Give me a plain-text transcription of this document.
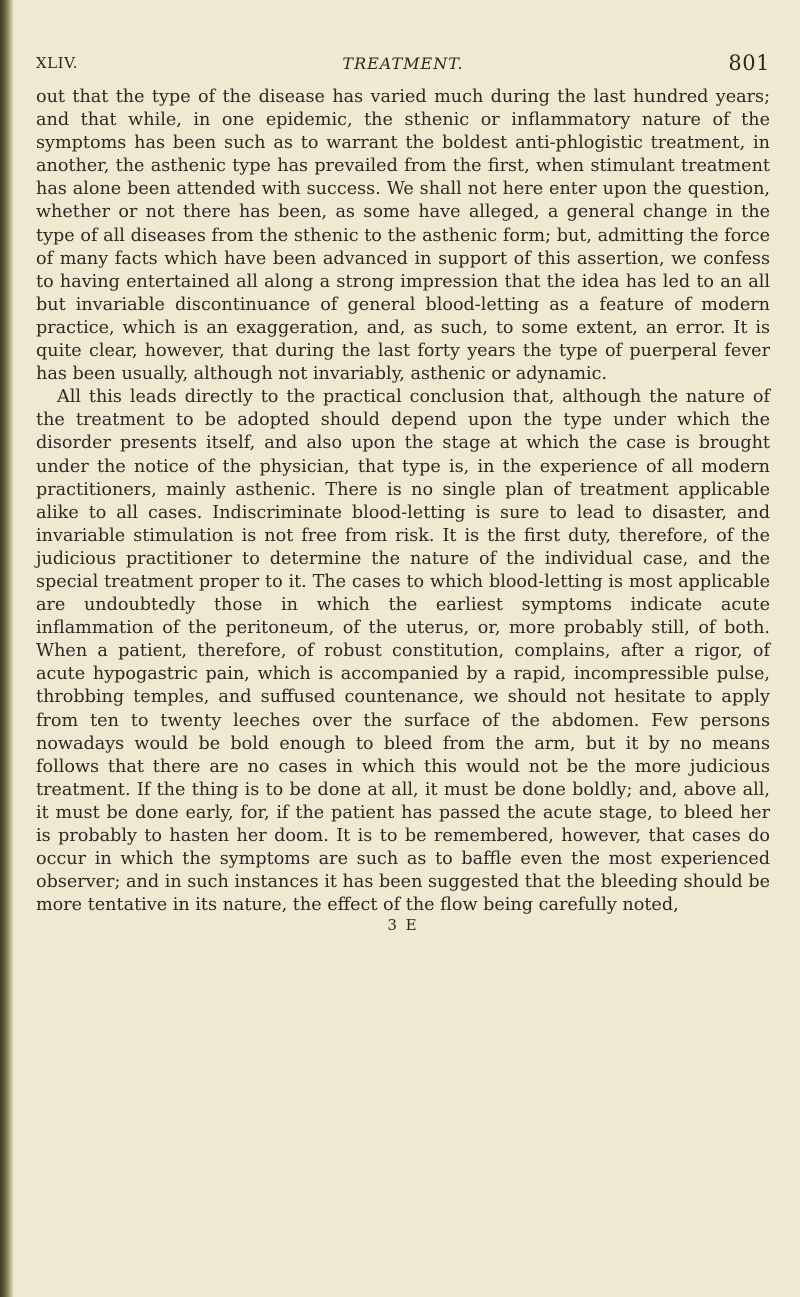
XLIV.	TREATMENT.	801

out that the type of the disease has varied much during the last hundred years; and that while, in one epidemic, the sthenic or inflammatory nature of the symptoms has been such as to warrant the boldest anti-phlogistic treatment, in another, the asthenic type has prevailed from the first, when stimulant treatment has alone been attended with success. We shall not here enter upon the question, whether or not there has been, as some have alleged, a general change in the type of all diseases from the sthenic to the asthenic form; but, admitting the force of many facts which have been advanced in support of this assertion, we confess to having entertained all along a strong impression that the idea has led to an all but invariable discontinuance of general blood-letting as a feature of modern practice, which is an exaggeration, and, as such, to some extent, an error. It is quite clear, however, that during the last forty years the type of puerperal fever has been usually, although not invariably, asthenic or adynamic.

All this leads directly to the practical conclusion that, although the nature of the treatment to be adopted should depend upon the type under which the disorder presents itself, and also upon the stage at which the case is brought under the notice of the physician, that type is, in the experience of all modern practitioners, mainly asthenic. There is no single plan of treatment applicable alike to all cases. Indiscriminate blood-letting is sure to lead to disaster, and invariable stimulation is not free from risk. It is the first duty, therefore, of the judicious practitioner to determine the nature of the individual case, and the special treatment proper to it. The cases to which blood-letting is most applicable are undoubtedly those in which the earliest symptoms indicate acute inflammation of the peritoneum, of the uterus, or, more probably still, of both. When a patient, therefore, of robust constitution, complains, after a rigor, of acute hypogastric pain, which is accompanied by a rapid, incompressible pulse, throbbing temples, and suffused countenance, we should not hesitate to apply from ten to twenty leeches over the surface of the abdomen. Few persons nowadays would be bold enough to bleed from the arm, but it by no means follows that there are no cases in which this would not be the more judicious treatment. If the thing is to be done at all, it must be done boldly; and, above all, it must be done early, for, if the patient has passed the acute stage, to bleed her is probably to hasten her doom. It is to be remembered, however, that cases do occur in which the symptoms are such as to baffle even the most experienced observer; and in such instances it has been suggested that the bleeding should be more tentative in its nature, the effect of the flow being carefully noted,

3 E
